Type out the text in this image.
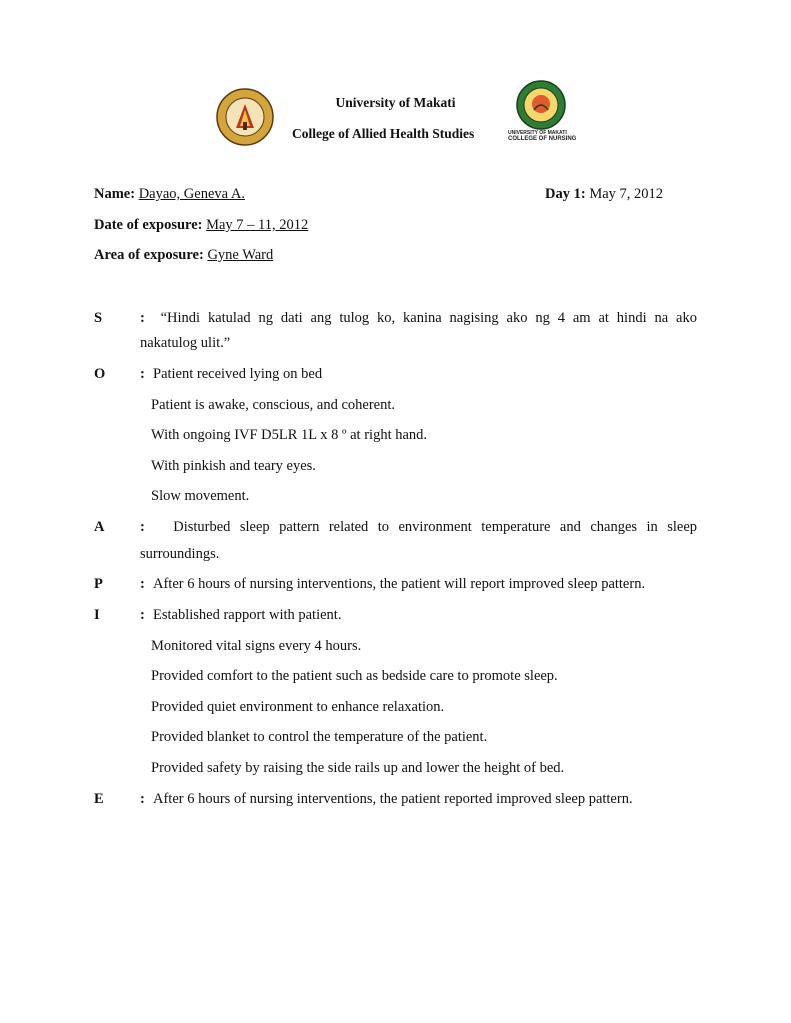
University of Makati
College of Allied Health Studies	UNIVERSITY OF MAKATI
COLLEGE OF NURSING
Name: Dayao, Geneva A.	Day 1: May 7, 2012
Date of exposure: May 7 – 11, 2012
Area of exposure: Gyne Ward
S	: “Hindi katulad ng dati ang tulog ko, kanina nagising ako ng 4 am at hindi na ako
nakatulog ulit.”
O : Patient received lying on bed
Patient is awake, conscious, and coherent.
With ongoing IVF D5LR 1L x 8 º at right hand.
With pinkish and teary eyes.
Slow movement.
A : Disturbed sleep pattern related to environment temperature and changes in sleep
surroundings.
P	: After 6 hours of nursing interventions, the patient will report improved sleep pattern.
I	: Established rapport with patient.
Monitored vital signs every 4 hours.
Provided comfort to the patient such as bedside care to promote sleep.
Provided quiet environment to enhance relaxation.
Provided blanket to control the temperature of the patient.
Provided safety by raising the side rails up and lower the height of bed.
E	: After 6 hours of nursing interventions, the patient reported improved sleep pattern.
